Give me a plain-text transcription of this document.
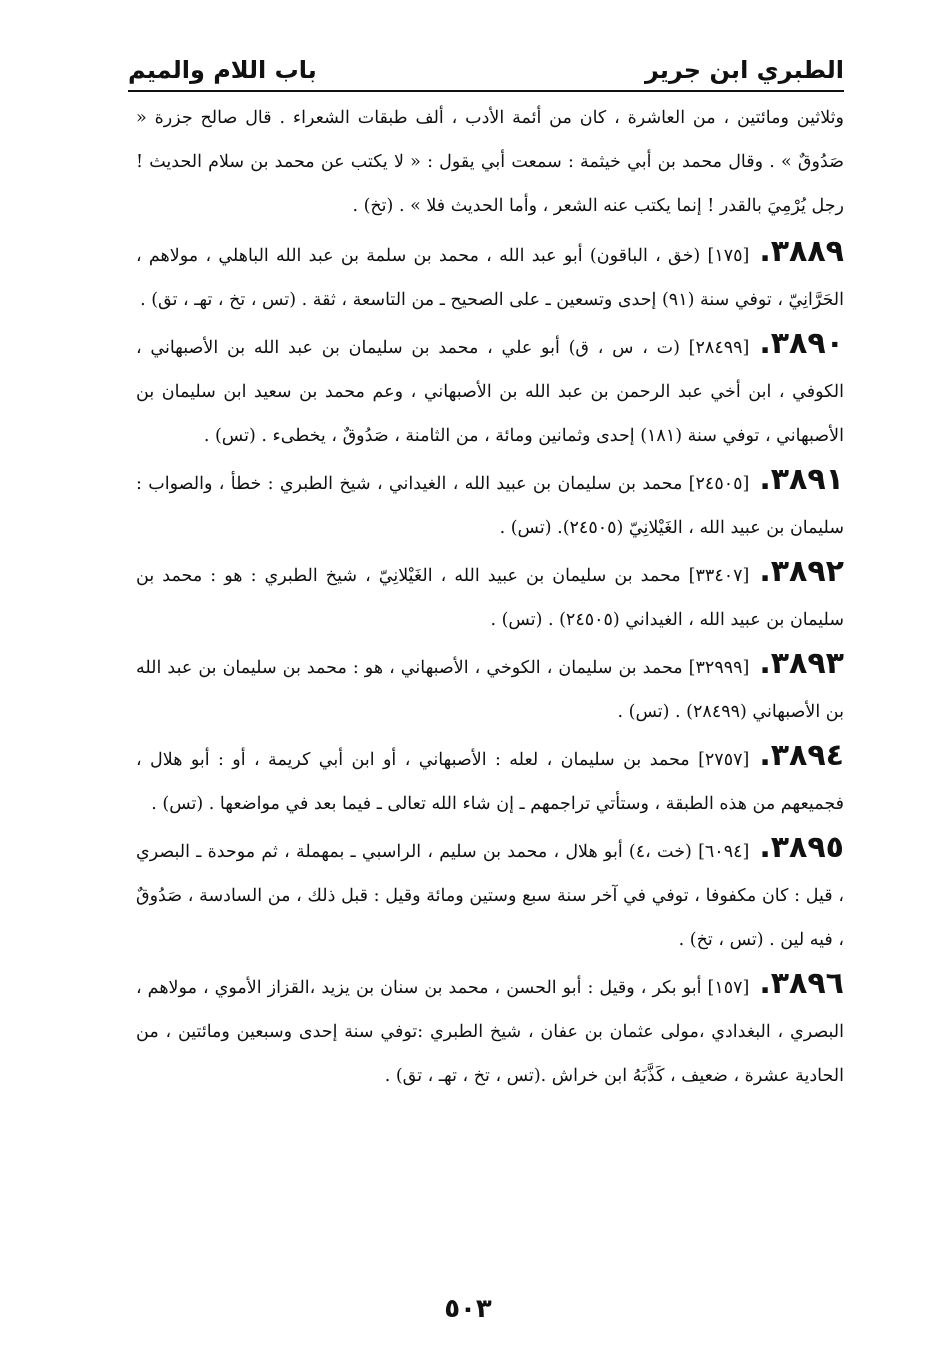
الطبري ابن جرير
باب اللام والميم

وثلاثين ومائتين ، من العاشرة ، كان من أئمة الأدب ، ألف طبقات الشعراء . قال صالح جزرة « صَدُوقٌ » . وقال محمد بن أبي خيثمة : سمعت أبي يقول : « لا يكتب عن محمد بن سلام الحديث ! رجل يُرْمِيَ بالقدر ! إنما يكتب عنه الشعر ، وأما الحديث فلا » . (تخ) .

٣٨٨٩.[١٧٥] (خق ، الباقون) أبو عبد الله ، محمد بن سلمة بن عبد الله الباهلي ، مولاهم ، الحَرَّانِيّ ، توفي سنة (٩١) إحدى وتسعين ـ على الصحيح ـ من التاسعة ، ثقة . (تس ، تخ ، تهـ ، تق) .

٣٨٩٠.[٢٨٤٩٩] (ت ، س ، ق) أبو علي ، محمد بن سليمان بن عبد الله بن الأصبهاني ، الكوفي ، ابن أخي عبد الرحمن بن عبد الله بن الأصبهاني ، وعم محمد بن سعيد ابن سليمان بن الأصبهاني ، توفي سنة (١٨١) إحدى وثمانين ومائة ، من الثامنة ، صَدُوقٌ ، يخطىء . (تس) .

٣٨٩١.[٢٤٥٠٥] محمد بن سليمان بن عبيد الله ، الغيداني ، شيخ الطبري : خطأ ، والصواب : سليمان بن عبيد الله ، الغَيْلانِيّ (٢٤٥٠٥). (تس) .

٣٨٩٢.[٣٣٤٠٧] محمد بن سليمان بن عبيد الله ، الغَيْلانِيّ ، شيخ الطبري : هو : محمد بن سليمان بن عبيد الله ، الغيداني (٢٤٥٠٥) . (تس) .

٣٨٩٣.[٣٢٩٩٩] محمد بن سليمان ، الكوخي ، الأصبهاني ، هو : محمد بن سليمان بن عبد الله بن الأصبهاني (٢٨٤٩٩) . (تس) .

٣٨٩٤.[٢٧٥٧] محمد بن سليمان ، لعله : الأصبهاني ، أو ابن أبي كريمة ، أو : أبو هلال ، فجميعهم من هذه الطبقة ، وستأتي تراجمهم ـ إن شاء الله تعالى ـ فيما بعد في مواضعها . (تس) .

٣٨٩٥.[٦٠٩٤] (خت ،٤) أبو هلال ، محمد بن سليم ، الراسبي ـ بمهملة ، ثم موحدة ـ البصري ، قيل : كان مكفوفا ، توفي في آخر سنة سبع وستين ومائة وقيل : قبل ذلك ، من السادسة ، صَدُوقٌ ، فيه لين . (تس ، تخ) .

٣٨٩٦.[١٥٧] أبو بكر ، وقيل : أبو الحسن ، محمد بن سنان بن يزيد ،القزاز الأموي ، مولاهم ، البصري ، البغدادي ،مولى عثمان بن عفان ، شيخ الطبري :توفي سنة إحدى وسبعين ومائتين ، من الحادية عشرة ، ضعيف ، كَذَّبَهُ ابن خراش .(تس ، تخ ، تهـ ، تق) .

٥٠٣
